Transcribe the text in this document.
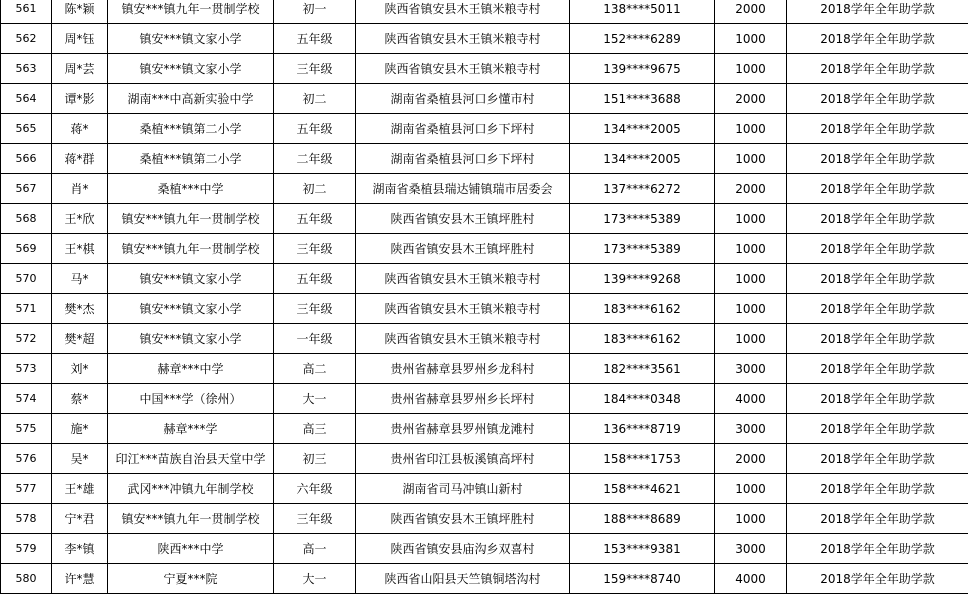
561	陈*颖	镇安***镇九年一贯制学校	初一	陕西省镇安县木王镇米粮寺村	138****5011	2000	2018学年全年助学款
562	周*钰	镇安***镇文家小学	五年级	陕西省镇安县木王镇米粮寺村	152****6289	1000	2018学年全年助学款
563	周*芸	镇安***镇文家小学	三年级	陕西省镇安县木王镇米粮寺村	139****9675	1000	2018学年全年助学款
564	谭*影	湖南***中高新实验中学	初二	湖南省桑植县河口乡懂市村	151****3688	2000	2018学年全年助学款
565	蒋*	桑植***镇第二小学	五年级	湖南省桑植县河口乡下坪村	134****2005	1000	2018学年全年助学款
566	蒋*群	桑植***镇第二小学	二年级	湖南省桑植县河口乡下坪村	134****2005	1000	2018学年全年助学款
567	肖*	桑植***中学	初二	湖南省桑植县瑞达铺镇瑞市居委会	137****6272	2000	2018学年全年助学款
568	王*欣	镇安***镇九年一贯制学校	五年级	陕西省镇安县木王镇坪胜村	173****5389	1000	2018学年全年助学款
569	王*棋	镇安***镇九年一贯制学校	三年级	陕西省镇安县木王镇坪胜村	173****5389	1000	2018学年全年助学款
570	马*	镇安***镇文家小学	五年级	陕西省镇安县木王镇米粮寺村	139****9268	1000	2018学年全年助学款
571	樊*杰	镇安***镇文家小学	三年级	陕西省镇安县木王镇米粮寺村	183****6162	1000	2018学年全年助学款
572	樊*超	镇安***镇文家小学	一年级	陕西省镇安县木王镇米粮寺村	183****6162	1000	2018学年全年助学款
573	刘*	赫章***中学	高二	贵州省赫章县罗州乡龙科村	182****3561	3000	2018学年全年助学款
574	蔡*	中国***学（徐州）	大一	贵州省赫章县罗州乡长坪村	184****0348	4000	2018学年全年助学款
575	施*	赫章***学	高三	贵州省赫章县罗州镇龙滩村	136****8719	3000	2018学年全年助学款
576	吴*	印江***苗族自治县天堂中学	初三	贵州省印江县板溪镇高坪村	158****1753	2000	2018学年全年助学款
577	王*雄	武冈***冲镇九年制学校	六年级	湖南省司马冲镇山新村	158****4621	1000	2018学年全年助学款
578	宁*君	镇安***镇九年一贯制学校	三年级	陕西省镇安县木王镇坪胜村	188****8689	1000	2018学年全年助学款
579	李*镇	陕西***中学	高一	陕西省镇安县庙沟乡双喜村	153****9381	3000	2018学年全年助学款
580	许*慧	宁夏***院	大一	陕西省山阳县天竺镇铜塔沟村	159****8740	4000	2018学年全年助学款
